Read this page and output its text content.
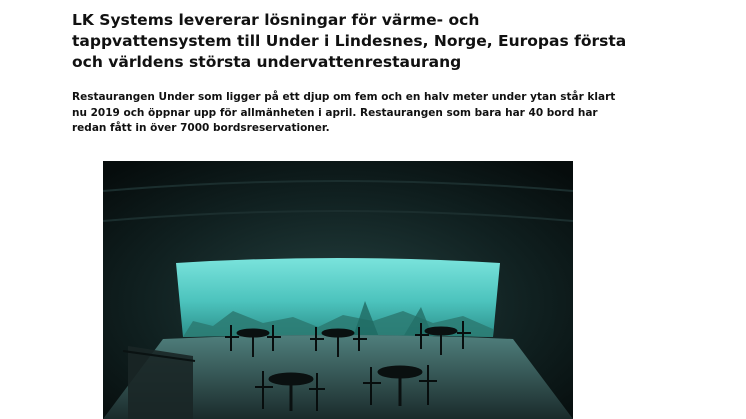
LK Systems levererar lösningar för värme- och tappvattensystem till Under i Lindesnes, Norge, Europas första och världens största undervattenrestaurang

Restaurangen Under som ligger på ett djup om fem och en halv meter under ytan står klart nu 2019 och öppnar upp för allmänheten i april. Restaurangen som bara har 40 bord har redan fått in över 7000 bordsreservationer.
